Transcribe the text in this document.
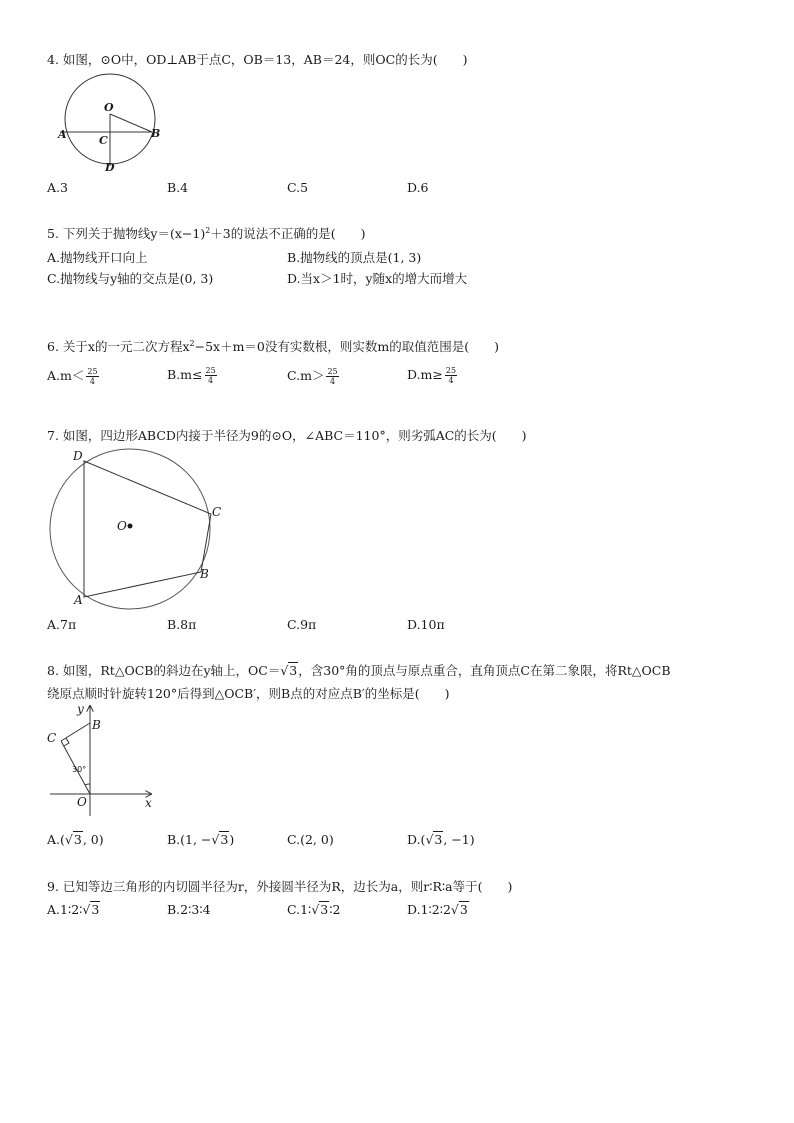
4. 如图，⊙O中，OD⊥AB于点C，OB＝13，AB＝24，则OC的长为(　　)
O
A	B
C
D
A.3	B.4	C.5	D.6
5. 下列关于抛物线$y=(x-1)^2+3$的说法不正确的是(　　)
A.抛物线开口向上	B.抛物线的顶点是(1, 3)
C.抛物线与y轴的交点是(0, 3)	D.当x＞1时，y随x的增大而增大
6. 关于x的一元二次方程$x^2-5x+m=0$没有实数根，则实数m的取值范围是(　　)
$A.m< \frac{25}{4}$	$B.m\le \frac{25}{4}$	$C.m> \frac{25}{4}$	$D.m\ge \frac{25}{4}$
7. 如图，四边形ABCD内接于半径为9的⊙O，∠ABC＝110°，则劣弧AC的长为(　　)
D
C
O
B
A
A.7π	B.8π	C.9π	D.10π
8. 如图，Rt△OCB的斜边在y轴上，OC＝√3，含30°角的顶点与原点重合，直角顶点C在第二象限，将Rt△OCB
绕原点顺时针旋转120°后得到△OCB′，则B点的对应点B′的坐标是(　　)
y
B
C
30°
O	x
A.(√3, 0)	B.(1, −√3)	C.(2, 0)	D.(√3, −1)
9. 已知等边三角形的内切圆半径为r，外接圆半径为R，边长为a，则r∶R∶a等于(　　)
A.1∶2∶√3	B.2∶3∶4	C.1∶√3∶2	D.1∶2∶2√3
